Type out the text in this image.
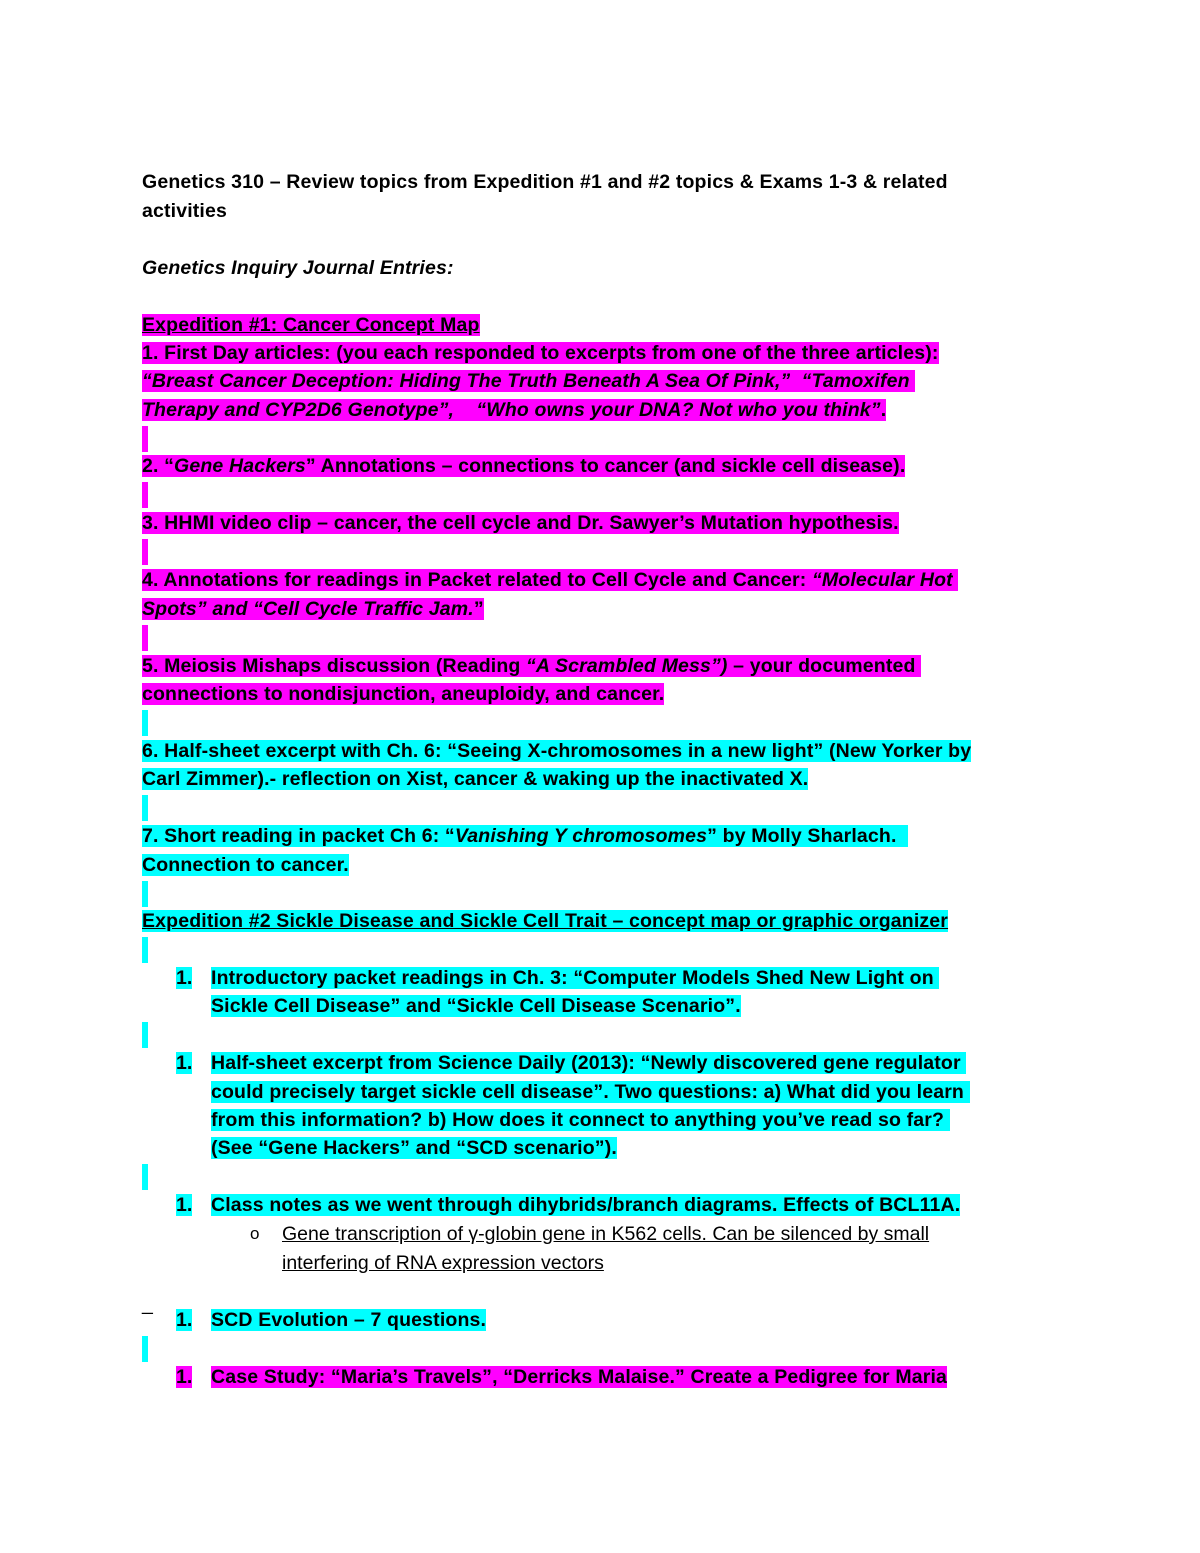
Genetics 310 – Review topics from Expedition #1 and #2 topics & Exams 1-3 & related
activities
Genetics Inquiry Journal Entries:
Expedition #1: Cancer Concept Map
1. First Day articles: (you each responded to excerpts from one of the three articles):
“Breast Cancer Deception: Hiding The Truth Beneath A Sea Of Pink,” “Tamoxifen
Therapy and CYP2D6 Genotype”, “Who owns your DNA? Not who you think”.
2. “Gene Hackers” Annotations – connections to cancer (and sickle cell disease).
3. HHMI video clip – cancer, the cell cycle and Dr. Sawyer’s Mutation hypothesis.
4. Annotations for readings in Packet related to Cell Cycle and Cancer: “Molecular Hot
Spots” and “Cell Cycle Traffic Jam.”
5. Meiosis Mishaps discussion (Reading “A Scrambled Mess”) – your documented
connections to nondisjunction, aneuploidy, and cancer.
6. Half-sheet excerpt with Ch. 6: “Seeing X-chromosomes in a new light” (New Yorker by
Carl Zimmer).- reflection on Xist, cancer & waking up the inactivated X.
7. Short reading in packet Ch 6: “Vanishing Y chromosomes” by Molly Sharlach.
Connection to cancer.
Expedition #2 Sickle Disease and Sickle Cell Trait – concept map or graphic organizer
1. Introductory packet readings in Ch. 3: “Computer Models Shed New Light on
Sickle Cell Disease” and “Sickle Cell Disease Scenario”.
1. Half-sheet excerpt from Science Daily (2013): “Newly discovered gene regulator
could precisely target sickle cell disease”. Two questions: a) What did you learn
from this information? b) How does it connect to anything you’ve read so far?
(See “Gene Hackers” and “SCD scenario”).
1. Class notes as we went through dihybrids/branch diagrams. Effects of BCL11A.
o Gene transcription of γ-globin gene in K562 cells. Can be silenced by small
interfering of RNA expression vectors
_
1. SCD Evolution – 7 questions.
1. Case Study: “Maria’s Travels”, “Derricks Malaise.” Create a Pedigree for Maria
